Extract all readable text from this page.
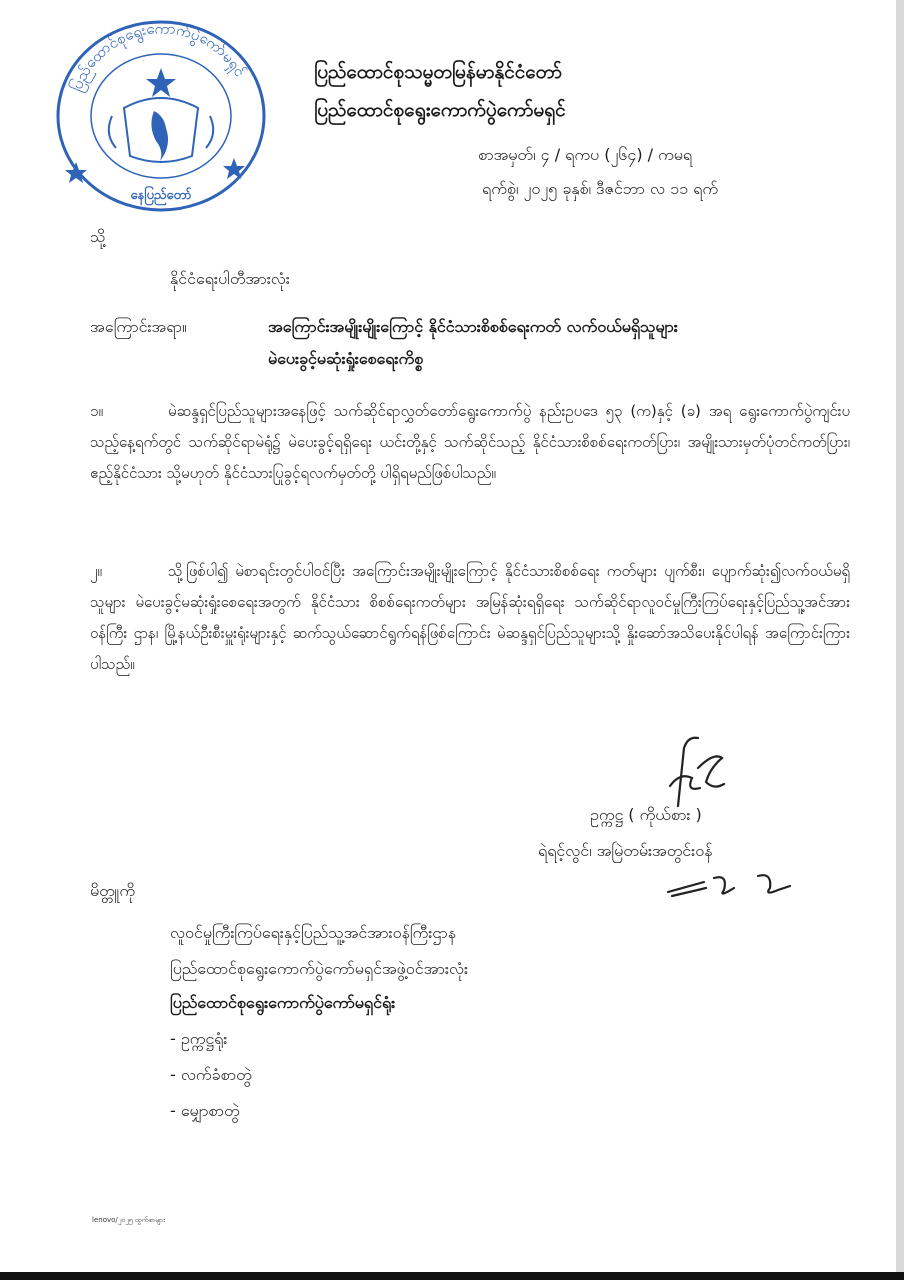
ပြည်ထောင်စုရွေးကောက်ပွဲကော်မရှင်
နေပြည်တော်
ပြည်ထောင်စုသမ္မတမြန်မာနိုင်ငံတော်
ပြည်ထောင်စုရွေးကောက်ပွဲကော်မရှင်
စာအမှတ်၊ ၄ / ရကပ (၂၆၄) / ကမရ
ရက်စွဲ၊ ၂၀၂၅ ခုနှစ်၊ ဒီဇင်ဘာ လ ၁၁ ရက်
သို့
နိုင်ငံရေးပါတီအားလုံး
အကြောင်းအရာ။	အကြောင်းအမျိုးမျိုးကြောင့် နိုင်ငံသားစိစစ်ရေးကတ် လက်ဝယ်မရှိသူများ
မဲပေးခွင့်မဆုံးရှုံးစေရေးကိစ္စ
၁။	မဲဆန္ဒရှင်ပြည်သူများအနေဖြင့် သက်ဆိုင်ရာလွှတ်တော်ရွေးကောက်ပွဲ နည်းဥပဒေ ၅၃ (က)နှင့် (ခ) အရ ရွေးကောက်ပွဲကျင်းပသည့်နေ့ရက်တွင် သက်ဆိုင်ရာမဲရုံ၌ မဲပေးခွင့်ရရှိရေး ယင်းတို့နှင့် သက်ဆိုင်သည့် နိုင်ငံသားစိစစ်ရေးကတ်ပြား၊ အမျိုးသားမှတ်ပုံတင်ကတ်ပြား၊ ဧည့်နိုင်ငံသား သို့မဟုတ် နိုင်ငံသားပြုခွင့်ရလက်မှတ်တို့ ပါရှိရမည်ဖြစ်ပါသည်။
၂။	သို့ဖြစ်ပါ၍ မဲစာရင်းတွင်ပါဝင်ပြီး အကြောင်းအမျိုးမျိုးကြောင့် နိုင်ငံသားစိစစ်ရေး ကတ်များ ပျက်စီး၊ ပျောက်ဆုံး၍လက်ဝယ်မရှိသူများ မဲပေးခွင့်မဆုံးရှုံးစေရေးအတွက် နိုင်ငံသား စိစစ်ရေးကတ်များ အမြန်ဆုံးရရှိရေး သက်ဆိုင်ရာလူဝင်မှုကြီးကြပ်ရေးနှင့်ပြည်သူ့အင်အားဝန်ကြီး ဌာန၊ မြို့နယ်ဦးစီးမှူးရုံးများနှင့် ဆက်သွယ်ဆောင်ရွက်ရန်ဖြစ်ကြောင်း မဲဆန္ဒရှင်ပြည်သူများသို့ နှိုးဆော်အသိပေးနိုင်ပါရန် အကြောင်းကြားပါသည်။
ဥက္ကဋ္ဌ ( ကိုယ်စား )
ရဲရင့်လွင်၊ အမြဲတမ်းအတွင်းဝန်
မိတ္တူကို
လူဝင်မှုကြီးကြပ်ရေးနှင့်ပြည်သူ့အင်အားဝန်ကြီးဌာန
ပြည်ထောင်စုရွေးကောက်ပွဲကော်မရှင်အဖွဲ့ဝင်အားလုံး
ပြည်ထောင်စုရွေးကောက်ပွဲကော်မရှင်ရုံး
- ဥက္ကဋ္ဌရုံး
- လက်ခံစာတွဲ
- မျှောစာတွဲ
lenovo/၂၀၂၅ ထွက်စာများ
